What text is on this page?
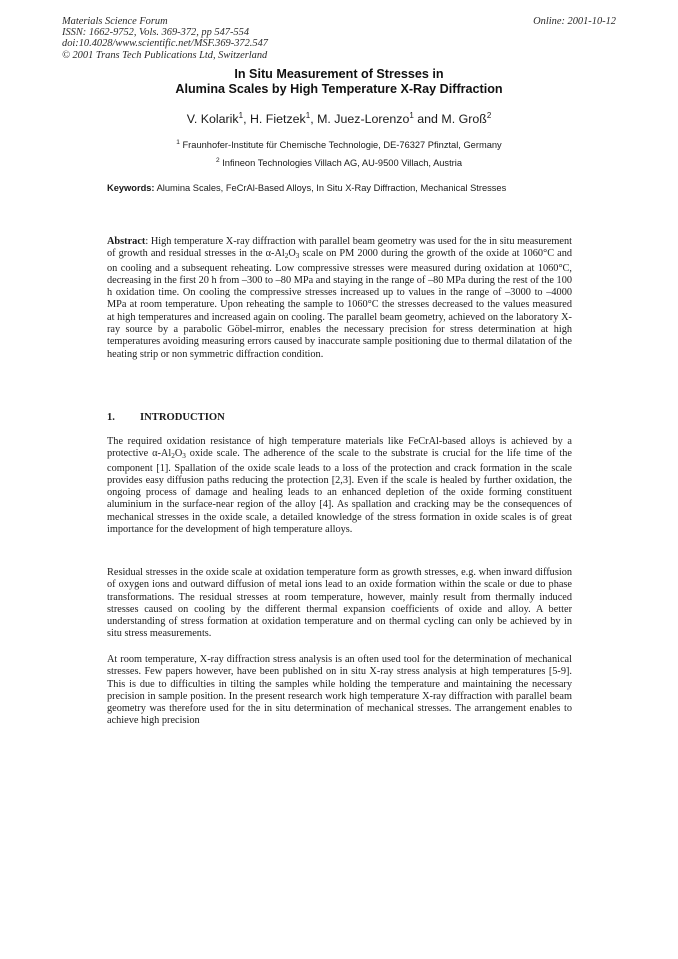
Materials Science Forum
ISSN: 1662-9752, Vols. 369-372, pp 547-554
doi:10.4028/www.scientific.net/MSF.369-372.547
© 2001 Trans Tech Publications Ltd, Switzerland
Online: 2001-10-12
In Situ Measurement of Stresses in
Alumina Scales by High Temperature X-Ray Diffraction
V. Kolarik$^1$, H. Fietzek$^1$, M. Juez-Lorenzo$^1$ and M. Groß$^2$
$^1$ Fraunhofer-Institute für Chemische Technologie, DE-76327 Pfinztal, Germany
$^2$ Infineon Technologies Villach AG, AU-9500 Villach, Austria
Keywords: Alumina Scales, FeCrAl-Based Alloys, In Situ X-Ray Diffraction, Mechanical Stresses
Abstract: High temperature X-ray diffraction with parallel beam geometry was used for the in situ measurement of growth and residual stresses in the $\alpha-Al_2O_3$ scale on PM 2000 during the growth of the oxide at 1060°C and on cooling and a subsequent reheating. Low compressive stresses were measured during oxidation at 1060°C, decreasing in the first 20 h from –300 to –80 MPa and staying in the range of –80 MPa during the rest of the 100 h oxidation time. On cooling the compressive stresses increased up to values in the range of –3000 to –4000 MPa at room temperature. Upon reheating the sample to 1060°C the stresses decreased to the values measured at high temperatures and increased again on cooling. The parallel beam geometry, achieved on the laboratory X-ray source by a parabolic Göbel-mirror, enables the necessary precision for stress determination at high temperatures avoiding measuring errors caused by inaccurate sample positioning due to thermal dilatation of the heating strip or non symmetric diffraction condition.
1. INTRODUCTION
The required oxidation resistance of high temperature materials like FeCrAl-based alloys is achieved by a protective $\alpha-Al_2O_3$ oxide scale. The adherence of the scale to the substrate is crucial for the life time of the component [1]. Spallation of the oxide scale leads to a loss of the protection and crack formation in the scale provides easy diffusion paths reducing the protection [2,3]. Even if the scale is healed by further oxidation, the ongoing process of damage and healing leads to an enhanced depletion of the oxide forming constituent aluminium in the surface-near region of the alloy [4]. As spallation and cracking may be the consequences of mechanical stresses in the oxide scale, a detailed knowledge of the stress formation in oxide scales is of great importance for the development of high temperature alloys.
Residual stresses in the oxide scale at oxidation temperature form as growth stresses, e.g. when inward diffusion of oxygen ions and outward diffusion of metal ions lead to an oxide formation within the scale or due to phase transformations. The residual stresses at room temperature, however, mainly result from thermally induced stresses caused on cooling by the different thermal expansion coefficients of oxide and alloy. A better understanding of stress formation at oxidation temperature and on thermal cycling can only be achieved by in situ stress measurements.
At room temperature, X-ray diffraction stress analysis is an often used tool for the determination of mechanical stresses. Few papers however, have been published on in situ X-ray stress analysis at high temperatures [5-9]. This is due to difficulties in tilting the samples while holding the temperature and maintaining the necessary precision in sample position. In the present research work high temperature X-ray diffraction with parallel beam geometry was therefore used for the in situ determination of mechanical stresses. The arrangement enables to achieve high precision
